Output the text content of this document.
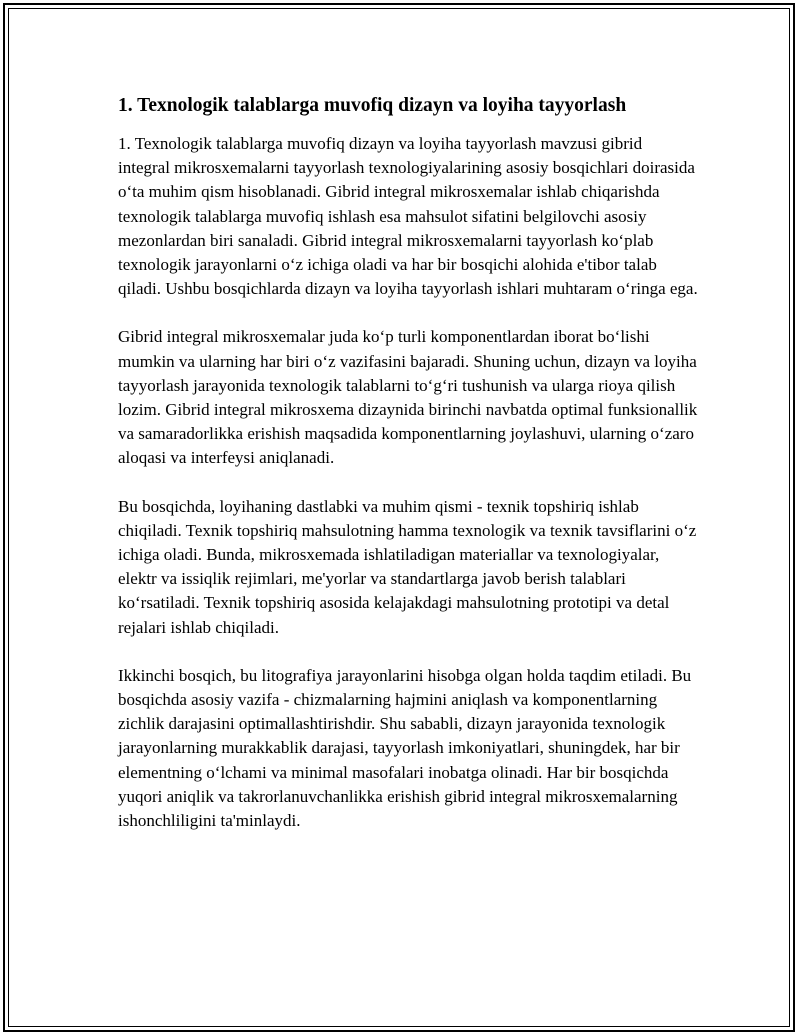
1. Texnologik talablarga muvofiq dizayn va loyiha tayyorlash

1. Texnologik talablarga muvofiq dizayn va loyiha tayyorlash mavzusi gibrid integral mikrosxemalarni tayyorlash texnologiyalarining asosiy bosqichlari doirasida o‘ta muhim qism hisoblanadi. Gibrid integral mikrosxemalar ishlab chiqarishda texnologik talablarga muvofiq ishlash esa mahsulot sifatini belgilovchi asosiy mezonlardan biri sanaladi. Gibrid integral mikrosxemalarni tayyorlash ko‘plab texnologik jarayonlarni o‘z ichiga oladi va har bir bosqichi alohida e'tibor talab qiladi. Ushbu bosqichlarda dizayn va loyiha tayyorlash ishlari muhtaram o‘ringa ega.

Gibrid integral mikrosxemalar juda ko‘p turli komponentlardan iborat bo‘lishi mumkin va ularning har biri o‘z vazifasini bajaradi. Shuning uchun, dizayn va loyiha tayyorlash jarayonida texnologik talablarni to‘g‘ri tushunish va ularga rioya qilish lozim. Gibrid integral mikrosxema dizaynida birinchi navbatda optimal funksionallik va samaradorlikka erishish maqsadida komponentlarning joylashuvi, ularning o‘zaro aloqasi va interfeysi aniqlanadi.

Bu bosqichda, loyihaning dastlabki va muhim qismi - texnik topshiriq ishlab chiqiladi. Texnik topshiriq mahsulotning hamma texnologik va texnik tavsiflarini o‘z ichiga oladi. Bunda, mikrosxemada ishlatiladigan materiallar va texnologiyalar, elektr va issiqlik rejimlari, me'yorlar va standartlarga javob berish talablari ko‘rsatiladi. Texnik topshiriq asosida kelajakdagi mahsulotning prototipi va detal rejalari ishlab chiqiladi.

Ikkinchi bosqich, bu litografiya jarayonlarini hisobga olgan holda taqdim etiladi. Bu bosqichda asosiy vazifa - chizmalarning hajmini aniqlash va komponentlarning zichlik darajasini optimallashtirishdir. Shu sababli, dizayn jarayonida texnologik jarayonlarning murakkablik darajasi, tayyorlash imkoniyatlari, shuningdek, har bir elementning o‘lchami va minimal masofalari inobatga olinadi. Har bir bosqichda yuqori aniqlik va takrorlanuvchanlikka erishish gibrid integral mikrosxemalarning ishonchliligini ta'minlaydi.
